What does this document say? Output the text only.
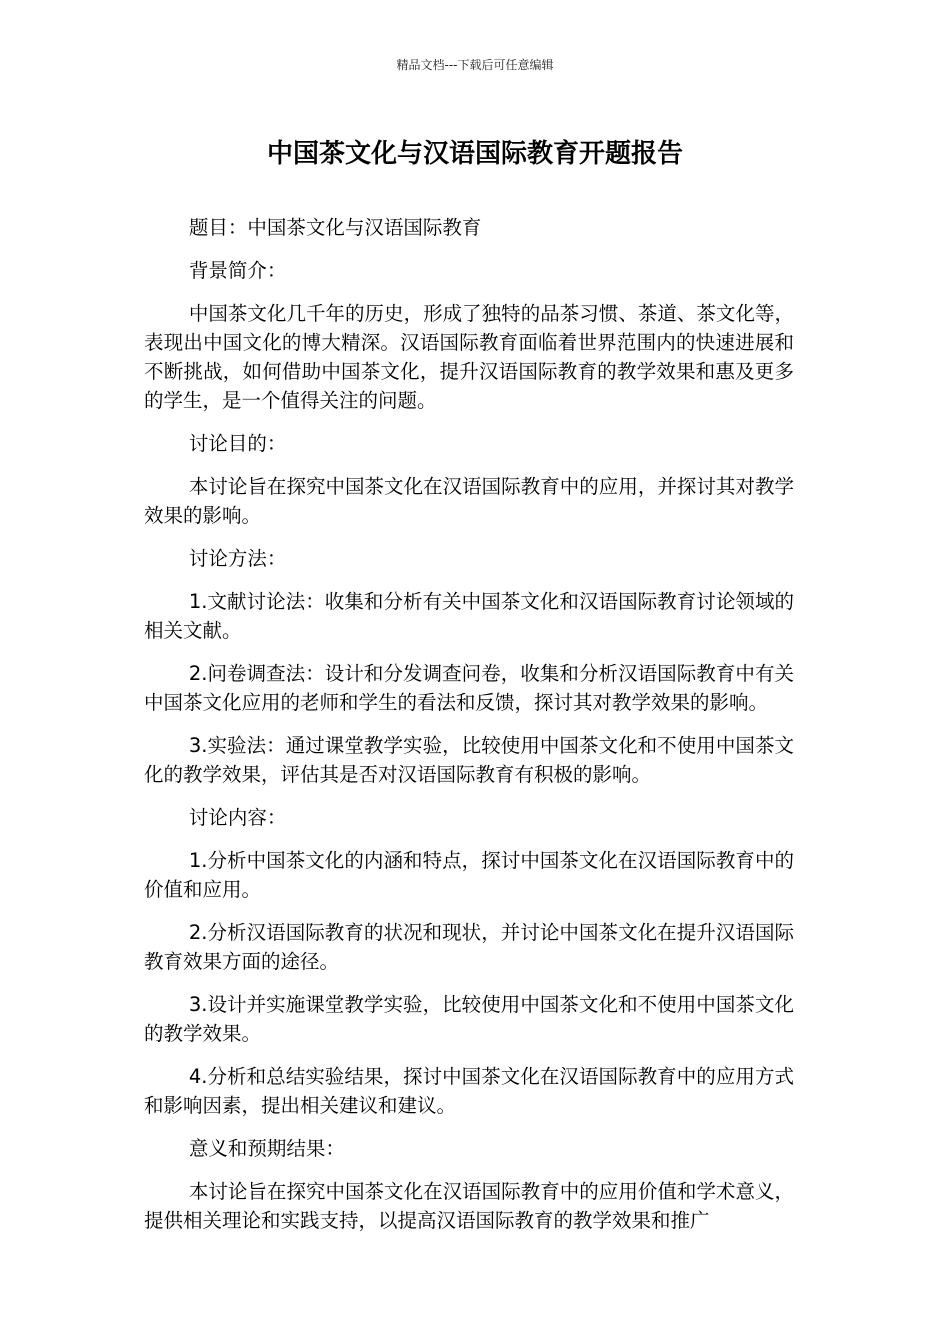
精品文档---下载后可任意编辑
中国茶文化与汉语国际教育开题报告

题目：中国茶文化与汉语国际教育

背景简介：

中国茶文化几千年的历史，形成了独特的品茶习惯、茶道、茶文化等，表现出中国文化的博大精深。汉语国际教育面临着世界范围内的快速进展和不断挑战，如何借助中国茶文化，提升汉语国际教育的教学效果和惠及更多的学生，是一个值得关注的问题。

讨论目的：

本讨论旨在探究中国茶文化在汉语国际教育中的应用，并探讨其对教学效果的影响。

讨论方法：

1.文献讨论法：收集和分析有关中国茶文化和汉语国际教育讨论领域的相关文献。

2.问卷调查法：设计和分发调查问卷，收集和分析汉语国际教育中有关中国茶文化应用的老师和学生的看法和反馈，探讨其对教学效果的影响。

3.实验法：通过课堂教学实验，比较使用中国茶文化和不使用中国茶文化的教学效果，评估其是否对汉语国际教育有积极的影响。

讨论内容：

1.分析中国茶文化的内涵和特点，探讨中国茶文化在汉语国际教育中的价值和应用。

2.分析汉语国际教育的状况和现状，并讨论中国茶文化在提升汉语国际教育效果方面的途径。

3.设计并实施课堂教学实验，比较使用中国茶文化和不使用中国茶文化的教学效果。

4.分析和总结实验结果，探讨中国茶文化在汉语国际教育中的应用方式和影响因素，提出相关建议和建议。

意义和预期结果：

本讨论旨在探究中国茶文化在汉语国际教育中的应用价值和学术意义，提供相关理论和实践支持，以提高汉语国际教育的教学效果和推广
